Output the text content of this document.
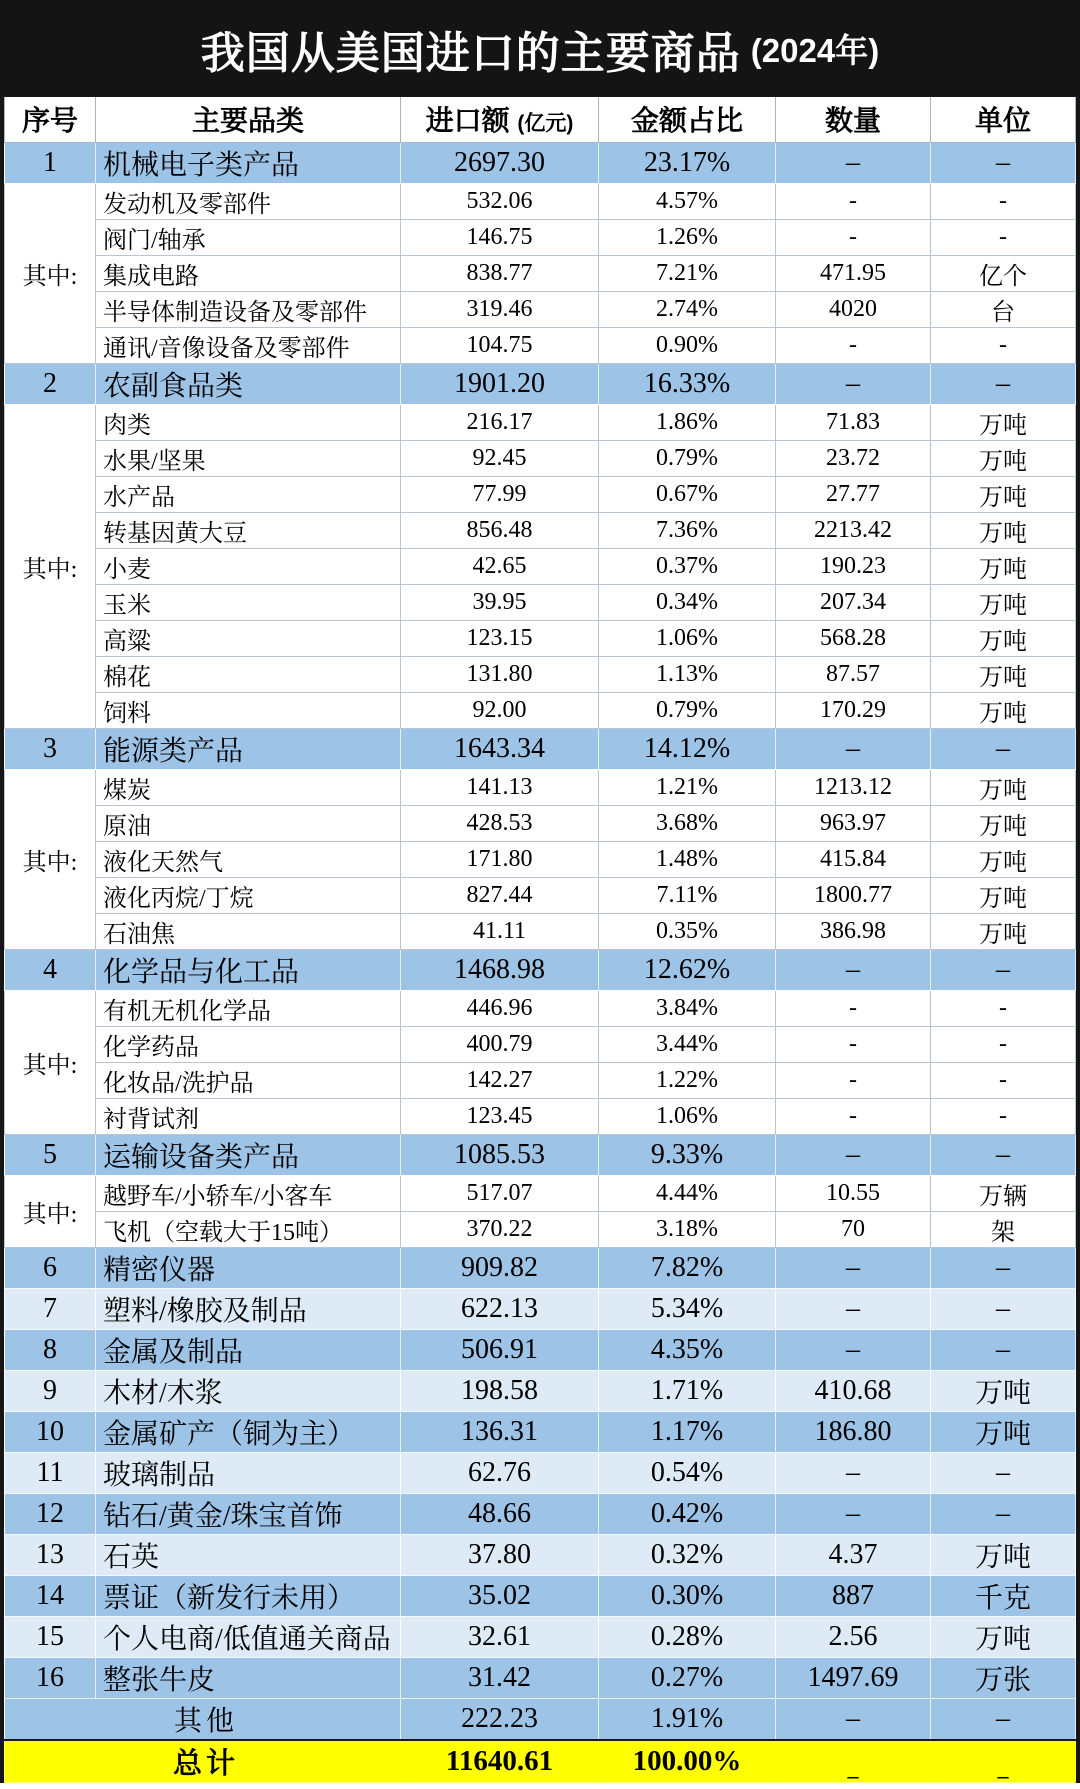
我国从美国进口的主要商品 (2024年)
序号	主要品类	进口额 (亿元)	金额占比	数量	单位
1	机械电子类产品	2697.30	23.17%	–	–
其中:	发动机及零部件	532.06	4.57%	-	-
	阀门/轴承	146.75	1.26%	-	-
	集成电路	838.77	7.21%	471.95	亿个
	半导体制造设备及零部件	319.46	2.74%	4020	台
	通讯/音像设备及零部件	104.75	0.90%	-	-
2	农副食品类	1901.20	16.33%	–	–
其中:	肉类	216.17	1.86%	71.83	万吨
	水果/坚果	92.45	0.79%	23.72	万吨
	水产品	77.99	0.67%	27.77	万吨
	转基因黄大豆	856.48	7.36%	2213.42	万吨
	小麦	42.65	0.37%	190.23	万吨
	玉米	39.95	0.34%	207.34	万吨
	高粱	123.15	1.06%	568.28	万吨
	棉花	131.80	1.13%	87.57	万吨
	饲料	92.00	0.79%	170.29	万吨
3	能源类产品	1643.34	14.12%	–	–
其中:	煤炭	141.13	1.21%	1213.12	万吨
	原油	428.53	3.68%	963.97	万吨
	液化天然气	171.80	1.48%	415.84	万吨
	液化丙烷/丁烷	827.44	7.11%	1800.77	万吨
	石油焦	41.11	0.35%	386.98	万吨
4	化学品与化工品	1468.98	12.62%	–	–
其中:	有机无机化学品	446.96	3.84%	-	-
	化学药品	400.79	3.44%	-	-
	化妆品/洗护品	142.27	1.22%	-	-
	衬背试剂	123.45	1.06%	-	-
5	运输设备类产品	1085.53	9.33%	–	–
其中:	越野车/小轿车/小客车	517.07	4.44%	10.55	万辆
	飞机（空载大于15吨）	370.22	3.18%	70	架
6	精密仪器	909.82	7.82%	–	–
7	塑料/橡胶及制品	622.13	5.34%	–	–
8	金属及制品	506.91	4.35%	–	–
9	木材/木浆	198.58	1.71%	410.68	万吨
10	金属矿产（铜为主）	136.31	1.17%	186.80	万吨
11	玻璃制品	62.76	0.54%	–	–
12	钻石/黄金/珠宝首饰	48.66	0.42%	–	–
13	石英	37.80	0.32%	4.37	万吨
14	票证（新发行未用）	35.02	0.30%	887	千克
15	个人电商/低值通关商品	32.61	0.28%	2.56	万吨
16	整张牛皮	31.42	0.27%	1497.69	万张
其他		222.23	1.91%	–	–
总计		11640.61	100.00%	–	–
